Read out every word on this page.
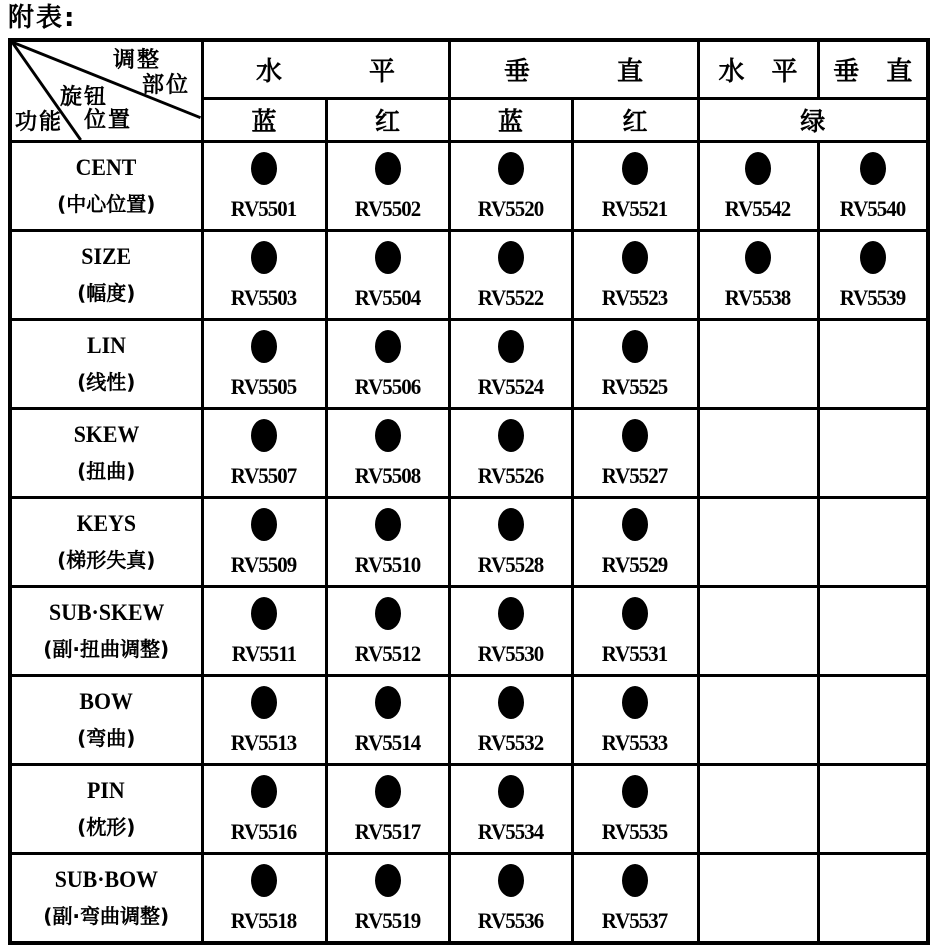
附表:
调整
部位
旋钮
位置
功能	水 平		垂 直		水 平	垂 直
	蓝	红	蓝	红	绿	

CENT
(中心位置)	RV5501	RV5502	RV5520	RV5521	RV5542	RV5540

SIZE
(幅度)	RV5503	RV5504	RV5522	RV5523	RV5538	RV5539

LIN
(线性)	RV5505	RV5506	RV5524	RV5525		

SKEW
(扭曲)	RV5507	RV5508	RV5526	RV5527		

KEYS
(梯形失真)	RV5509	RV5510	RV5528	RV5529		

SUB·SKEW
(副·扭曲调整)	RV5511	RV5512	RV5530	RV5531		

BOW
(弯曲)	RV5513	RV5514	RV5532	RV5533		

PIN
(枕形)	RV5516	RV5517	RV5534	RV5535		

SUB·BOW
(副·弯曲调整)	RV5518	RV5519	RV5536	RV5537		
